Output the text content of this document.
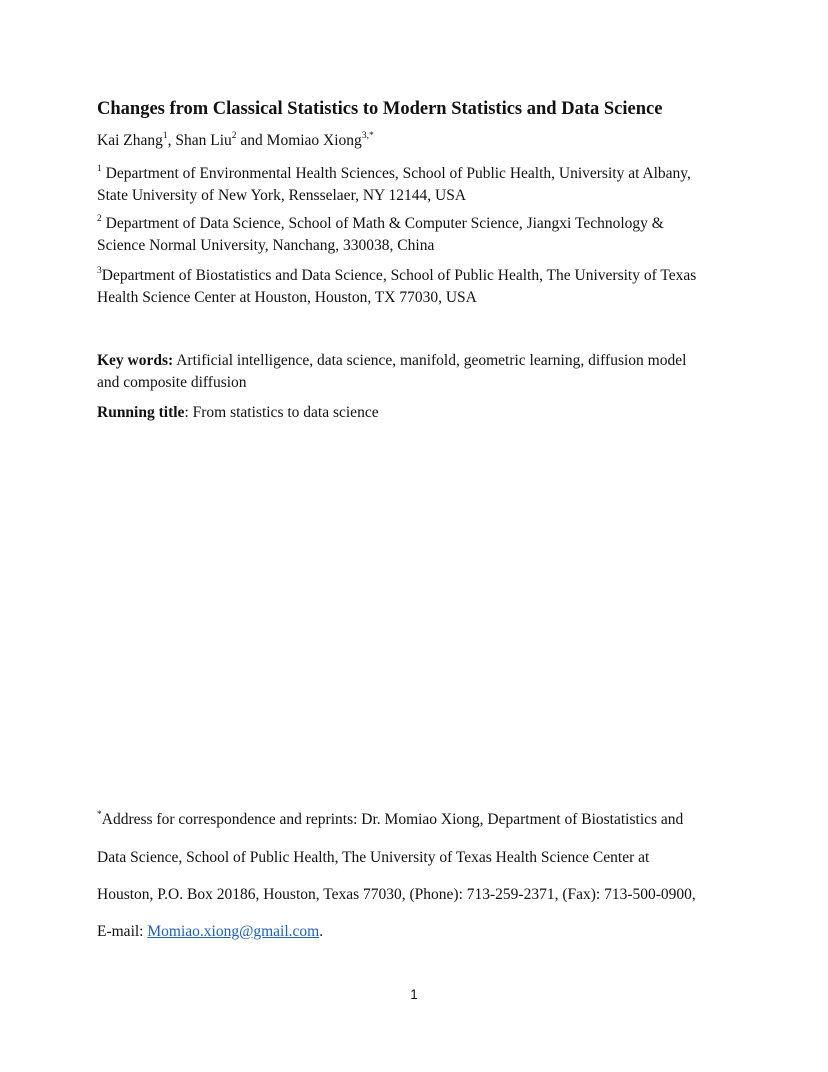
Changes from Classical Statistics to Modern Statistics and Data Science
Kai Zhang$^1$, Shan Liu$^2$ and Momiao Xiong$^{3,*}$
$^1$ Department of Environmental Health Sciences, School of Public Health, University at Albany,
State University of New York, Rensselaer, NY 12144, USA
$^2$ Department of Data Science, School of Math & Computer Science, Jiangxi Technology &
Science Normal University, Nanchang, 330038, China
$^3$Department of Biostatistics and Data Science, School of Public Health, The University of Texas
Health Science Center at Houston, Houston, TX 77030, USA
Key words: Artificial intelligence, data science, manifold, geometric learning, diffusion model
and composite diffusion
Running title: From statistics to data science
*Address for correspondence and reprints: Dr. Momiao Xiong, Department of Biostatistics and
Data Science, School of Public Health, The University of Texas Health Science Center at
Houston, P.O. Box 20186, Houston, Texas 77030, (Phone): 713-259-2371, (Fax): 713-500-0900,
E-mail: Momiao.xiong@gmail.com.
1
